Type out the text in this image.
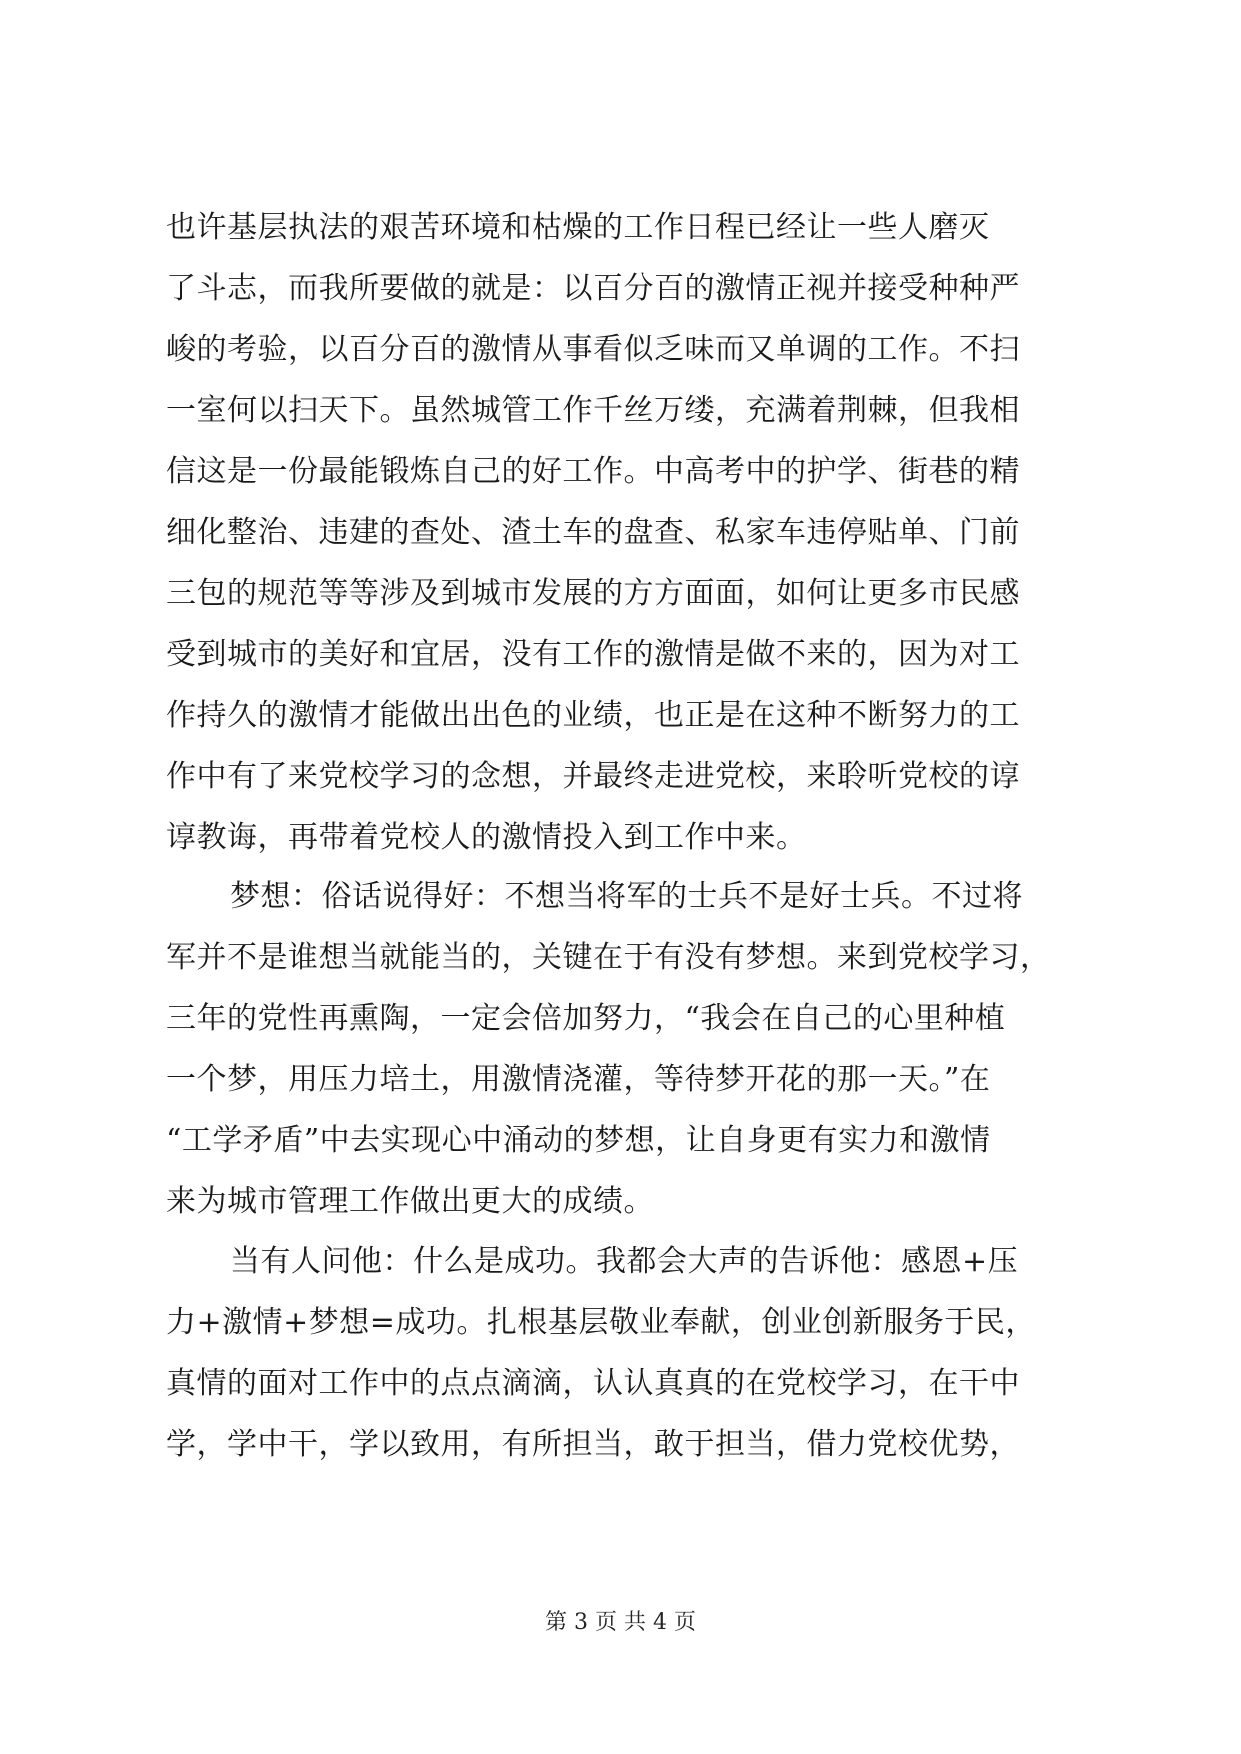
也许基层执法的艰苦环境和枯燥的工作日程已经让一些人磨灭
了斗志，而我所要做的就是：以百分百的激情正视并接受种种严
峻的考验，以百分百的激情从事看似乏味而又单调的工作。不扫
一室何以扫天下。虽然城管工作千丝万缕，充满着荆棘，但我相
信这是一份最能锻炼自己的好工作。中高考中的护学、街巷的精
细化整治、违建的查处、渣土车的盘查、私家车违停贴单、门前
三包的规范等等涉及到城市发展的方方面面，如何让更多市民感
受到城市的美好和宜居，没有工作的激情是做不来的，因为对工
作持久的激情才能做出出色的业绩，也正是在这种不断努力的工
作中有了来党校学习的念想，并最终走进党校，来聆听党校的谆
谆教诲，再带着党校人的激情投入到工作中来。
梦想：俗话说得好：不想当将军的士兵不是好士兵。不过将
军并不是谁想当就能当的，关键在于有没有梦想。来到党校学习，
三年的党性再熏陶，一定会倍加努力，“我会在自己的心里种植
一个梦，用压力培土，用激情浇灌，等待梦开花的那一天。”在
“工学矛盾”中去实现心中涌动的梦想，让自身更有实力和激情
来为城市管理工作做出更大的成绩。
当有人问他：什么是成功。我都会大声的告诉他：感恩+压
力+激情+梦想=成功。扎根基层敬业奉献，创业创新服务于民，
真情的面对工作中的点点滴滴，认认真真的在党校学习，在干中
学，学中干，学以致用，有所担当，敢于担当，借力党校优势，
第 3 页 共 4 页
